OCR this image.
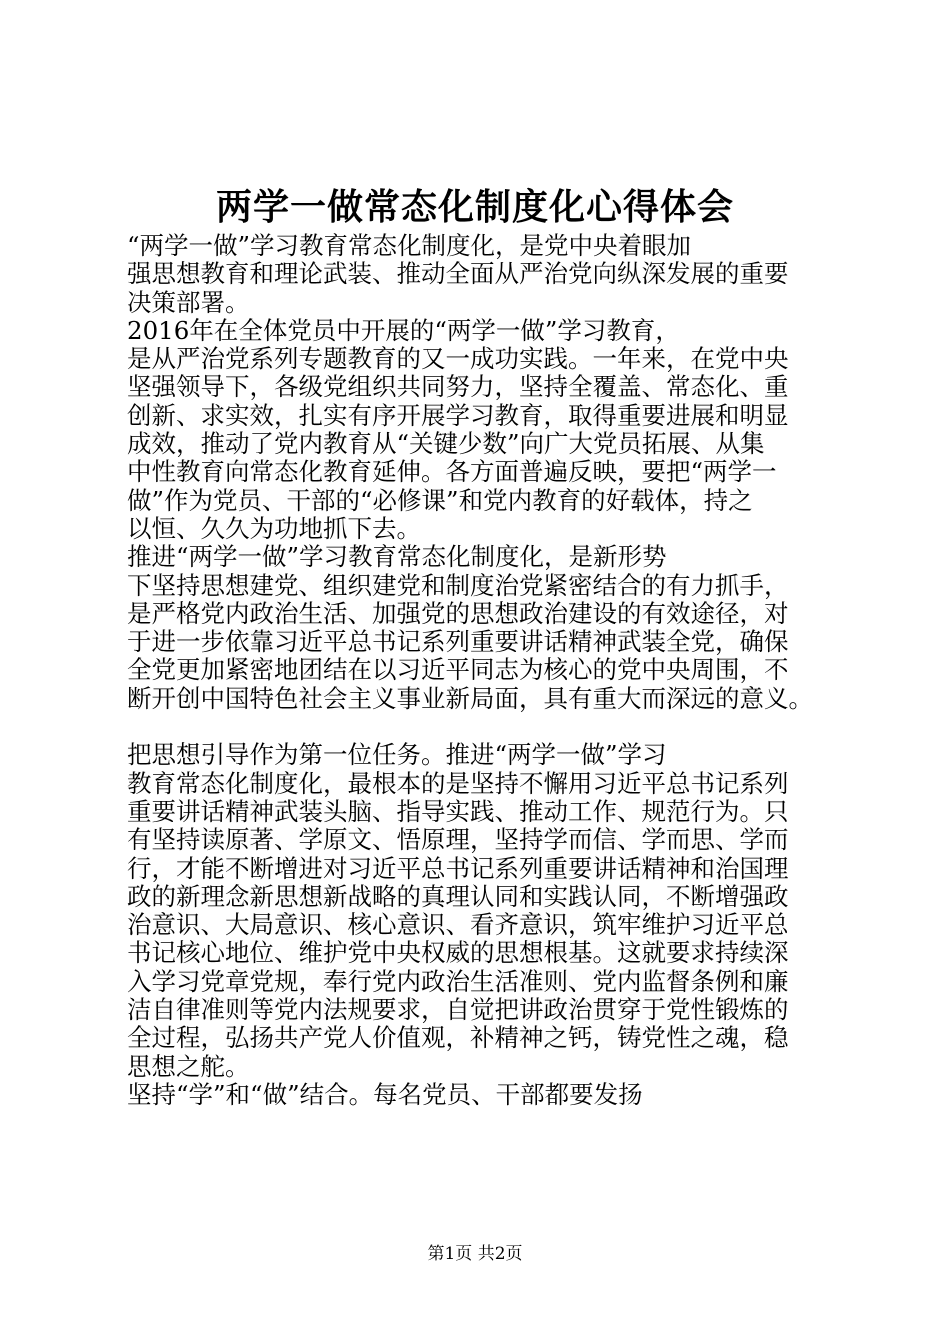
两学一做常态化制度化心得体会
“两学一做”学习教育常态化制度化，是党中央着眼加
强思想教育和理论武装、推动全面从严治党向纵深发展的重要
决策部署。
2016年在全体党员中开展的“两学一做”学习教育，
是从严治党系列专题教育的又一成功实践。一年来，在党中央
坚强领导下，各级党组织共同努力，坚持全覆盖、常态化、重
创新、求实效，扎实有序开展学习教育，取得重要进展和明显
成效，推动了党内教育从“关键少数”向广大党员拓展、从集
中性教育向常态化教育延伸。各方面普遍反映，要把“两学一
做”作为党员、干部的“必修课”和党内教育的好载体，持之
以恒、久久为功地抓下去。
推进“两学一做”学习教育常态化制度化，是新形势
下坚持思想建党、组织建党和制度治党紧密结合的有力抓手，
是严格党内政治生活、加强党的思想政治建设的有效途径，对
于进一步依靠习近平总书记系列重要讲话精神武装全党，确保
全党更加紧密地团结在以习近平同志为核心的党中央周围，不
断开创中国特色社会主义事业新局面，具有重大而深远的意义。
把思想引导作为第一位任务。推进“两学一做”学习
教育常态化制度化，最根本的是坚持不懈用习近平总书记系列
重要讲话精神武装头脑、指导实践、推动工作、规范行为。只
有坚持读原著、学原文、悟原理，坚持学而信、学而思、学而
行，才能不断增进对习近平总书记系列重要讲话精神和治国理
政的新理念新思想新战略的真理认同和实践认同，不断增强政
治意识、大局意识、核心意识、看齐意识，筑牢维护习近平总
书记核心地位、维护党中央权威的思想根基。这就要求持续深
入学习党章党规，奉行党内政治生活准则、党内监督条例和廉
洁自律准则等党内法规要求，自觉把讲政治贯穿于党性锻炼的
全过程，弘扬共产党人价值观，补精神之钙，铸党性之魂，稳
思想之舵。
坚持“学”和“做”结合。每名党员、干部都要发扬
第1页 共2页
